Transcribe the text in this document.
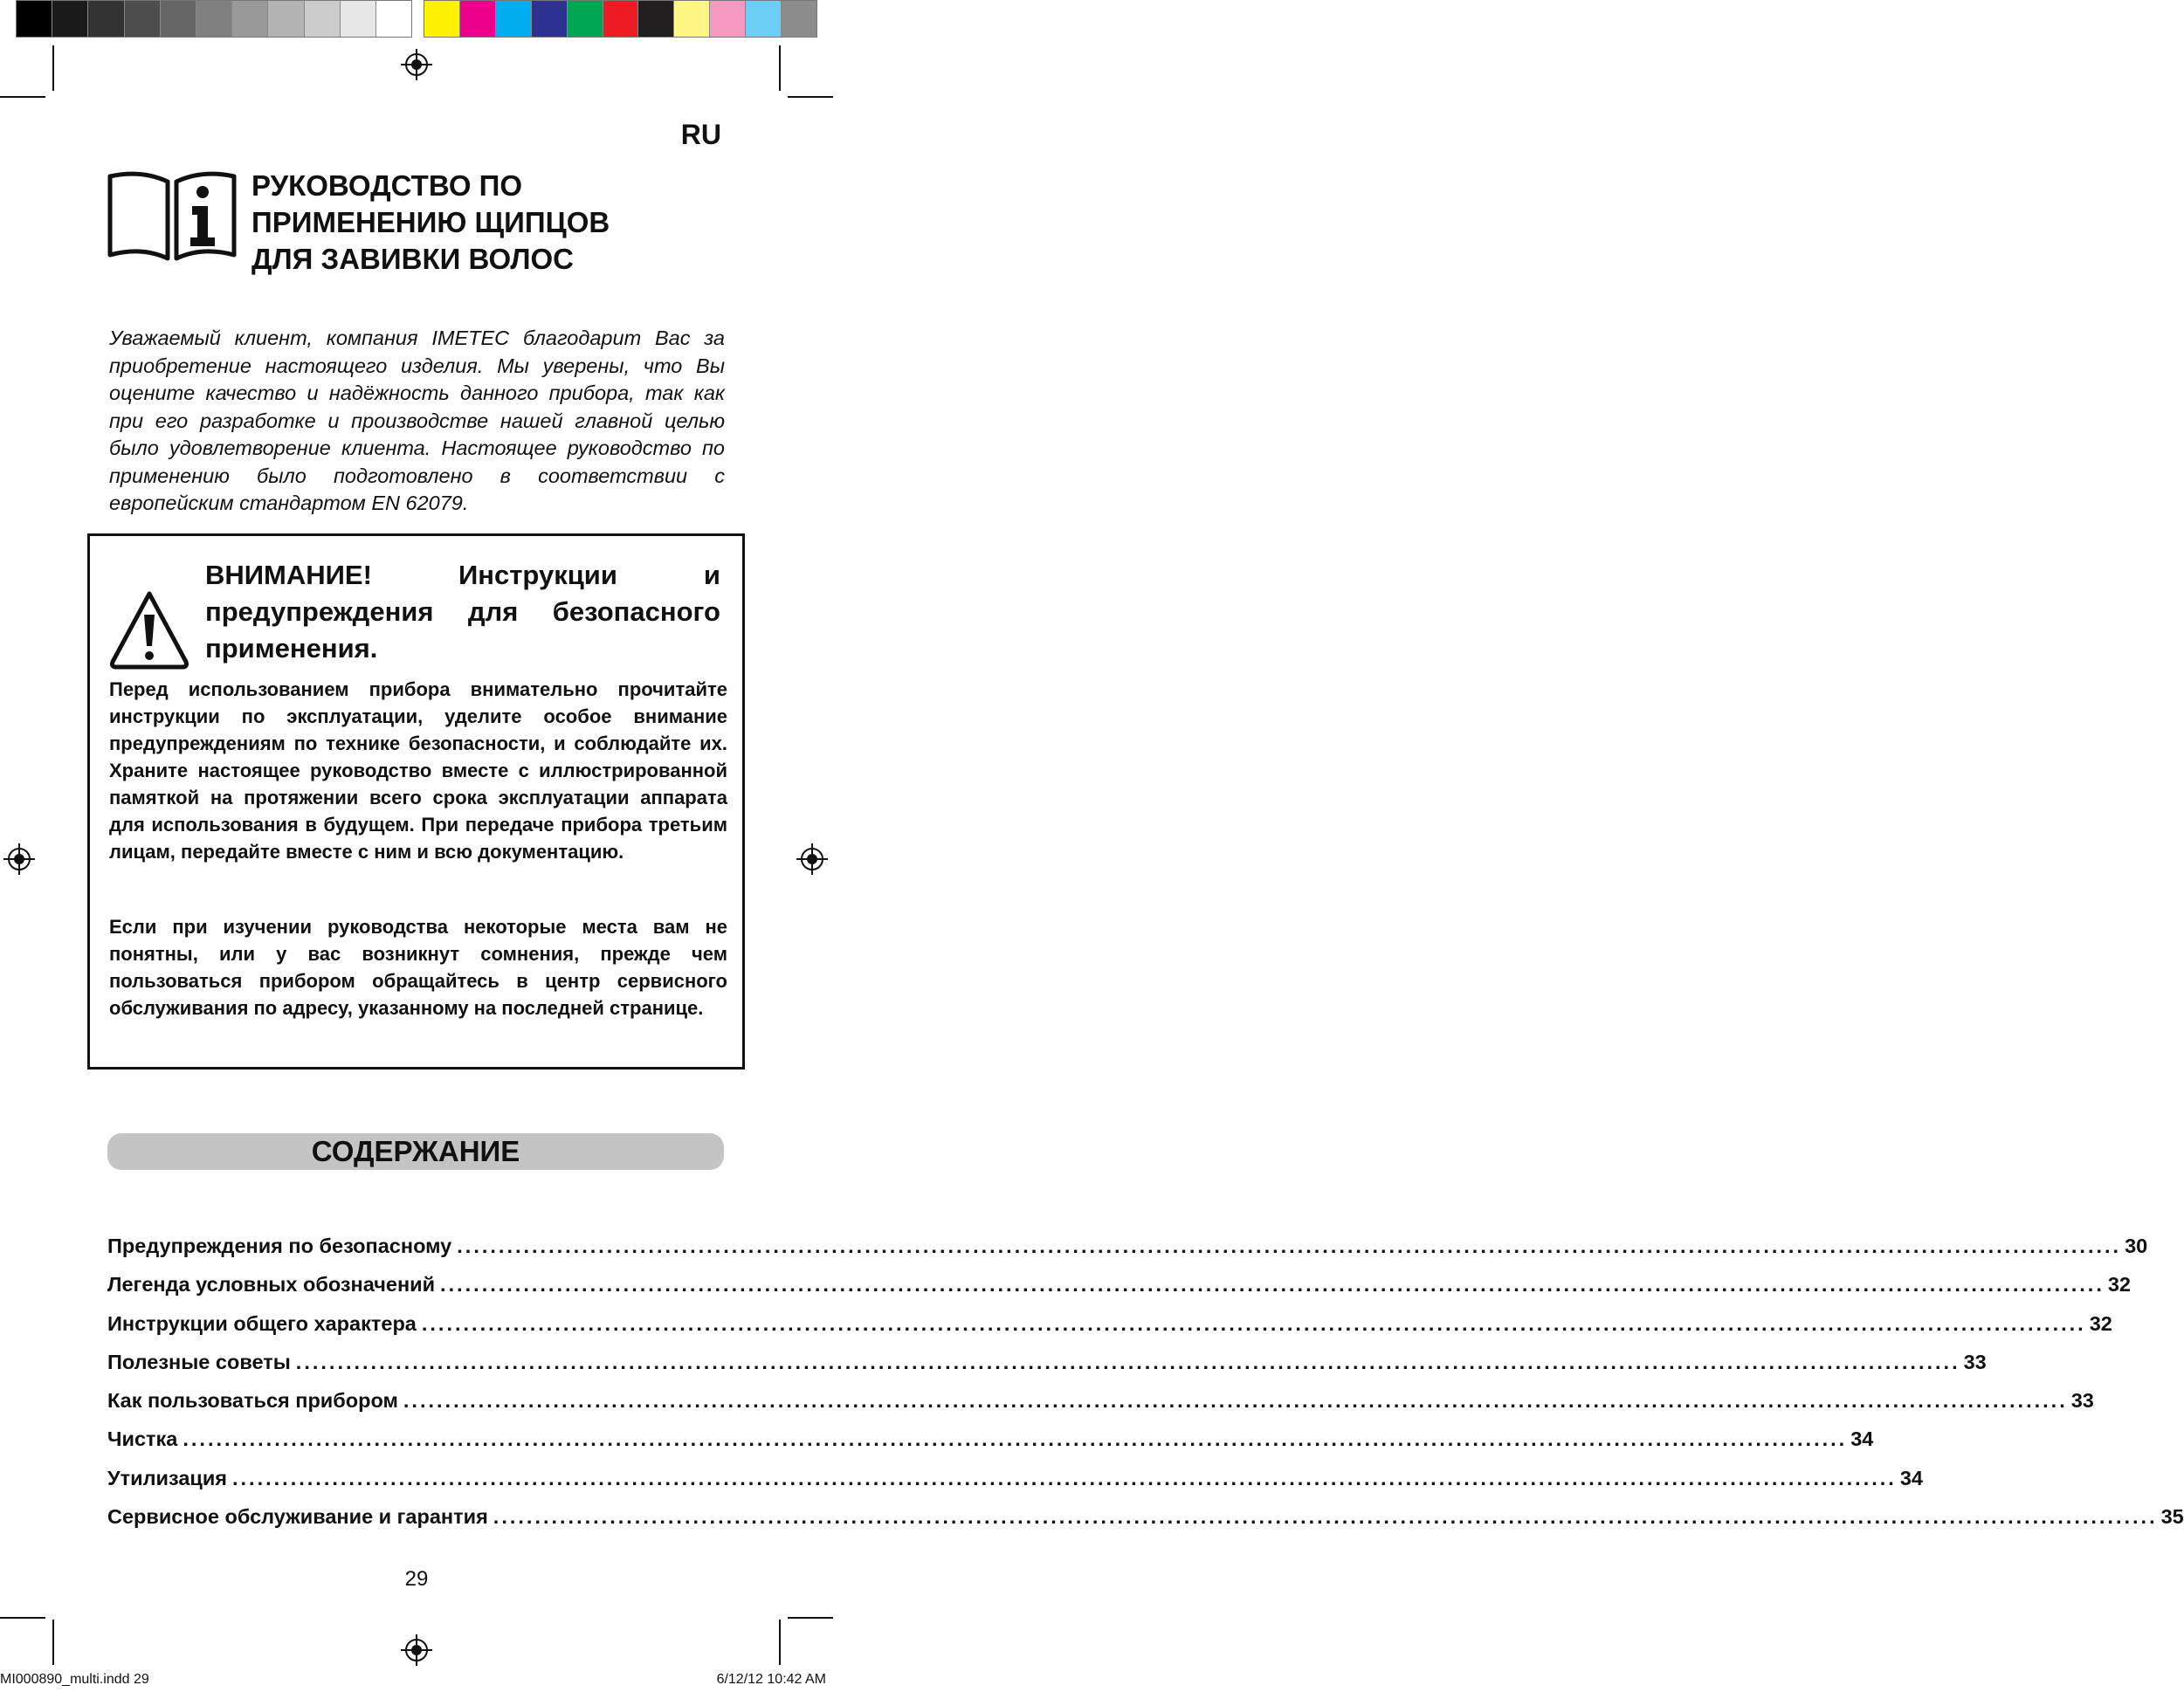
RU
РУКОВОДСТВО ПО
ПРИМЕНЕНИЮ ЩИПЦОВ
ДЛЯ ЗАВИВКИ ВОЛОС
Уважаемый клиент, компания IMETEC благодарит Вас за приобретение настоящего изделия. Мы уверены, что Вы оцените качество и надёжность данного прибора, так как при его разработке и производстве нашей главной целью было удовлетворение клиента. Настоящее руководство по применению было подготовлено в соответствии с европейским стандартом EN 62079.
ВНИМАНИЕ! Инструкции и предупреждения для безопасного применения.
Перед использованием прибора внимательно прочитайте инструкции по эксплуатации, уделите особое внимание предупреждениям по технике безопасности, и соблюдайте их. Храните настоящее руководство вместе с иллюстрированной памяткой на протяжении всего срока эксплуатации аппарата для использования в будущем. При передаче прибора третьим лицам, передайте вместе с ним и всю документацию.
Если при изучении руководства некоторые места вам не понятны, или у вас возникнут сомнения, прежде чем пользоваться прибором обращайтесь в центр сервисного обслуживания по адресу, указанному на последней странице.
СОДЕРЖАНИЕ
Предупреждения по безопасному ........................................................................................................................................................................................................ 30
Легенда условных обозначений ........................................................................................................................................................................................................ 32
Инструкции общего характера ........................................................................................................................................................................................................ 32
Полезные советы ........................................................................................................................................................................................................ 33
Как пользоваться прибором ........................................................................................................................................................................................................ 33
Чистка ........................................................................................................................................................................................................ 34
Утилизация ........................................................................................................................................................................................................ 34
Сервисное обслуживание и гарантия ........................................................................................................................................................................................................ 35
29
MI000890_multi.indd 29	6/12/12 10:42 AM
